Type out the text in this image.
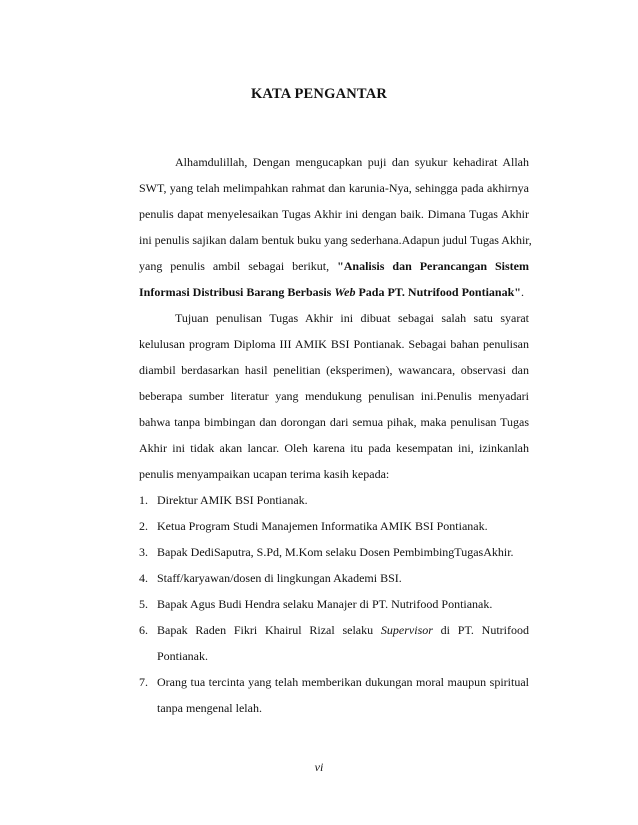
KATA PENGANTAR
Alhamdulillah, Dengan mengucapkan puji dan syukur kehadirat Allah
SWT, yang telah melimpahkan rahmat dan karunia-Nya, sehingga pada akhirnya
penulis dapat menyelesaikan Tugas Akhir ini dengan baik. Dimana Tugas Akhir
ini penulis sajikan dalam bentuk buku yang sederhana.Adapun judul Tugas Akhir,
yang penulis ambil sebagai berikut, "Analisis dan Perancangan Sistem
Informasi Distribusi Barang Berbasis Web Pada PT. Nutrifood Pontianak".
Tujuan penulisan Tugas Akhir ini dibuat sebagai salah satu syarat
kelulusan program Diploma III AMIK BSI Pontianak. Sebagai bahan penulisan
diambil berdasarkan hasil penelitian (eksperimen), wawancara, observasi dan
beberapa sumber literatur yang mendukung penulisan ini.Penulis menyadari
bahwa tanpa bimbingan dan dorongan dari semua pihak, maka penulisan Tugas
Akhir ini tidak akan lancar. Oleh karena itu pada kesempatan ini, izinkanlah
penulis menyampaikan ucapan terima kasih kepada:
1. Direktur AMIK BSI Pontianak.
2. Ketua Program Studi Manajemen Informatika AMIK BSI Pontianak.
3. Bapak DediSaputra, S.Pd, M.Kom selaku Dosen PembimbingTugasAkhir.
4. Staff/karyawan/dosen di lingkungan Akademi BSI.
5. Bapak Agus Budi Hendra selaku Manajer di PT. Nutrifood Pontianak.
6. Bapak Raden Fikri Khairul Rizal selaku Supervisor di PT. Nutrifood
Pontianak.
7. Orang tua tercinta yang telah memberikan dukungan moral maupun spiritual
tanpa mengenal lelah.
vi
